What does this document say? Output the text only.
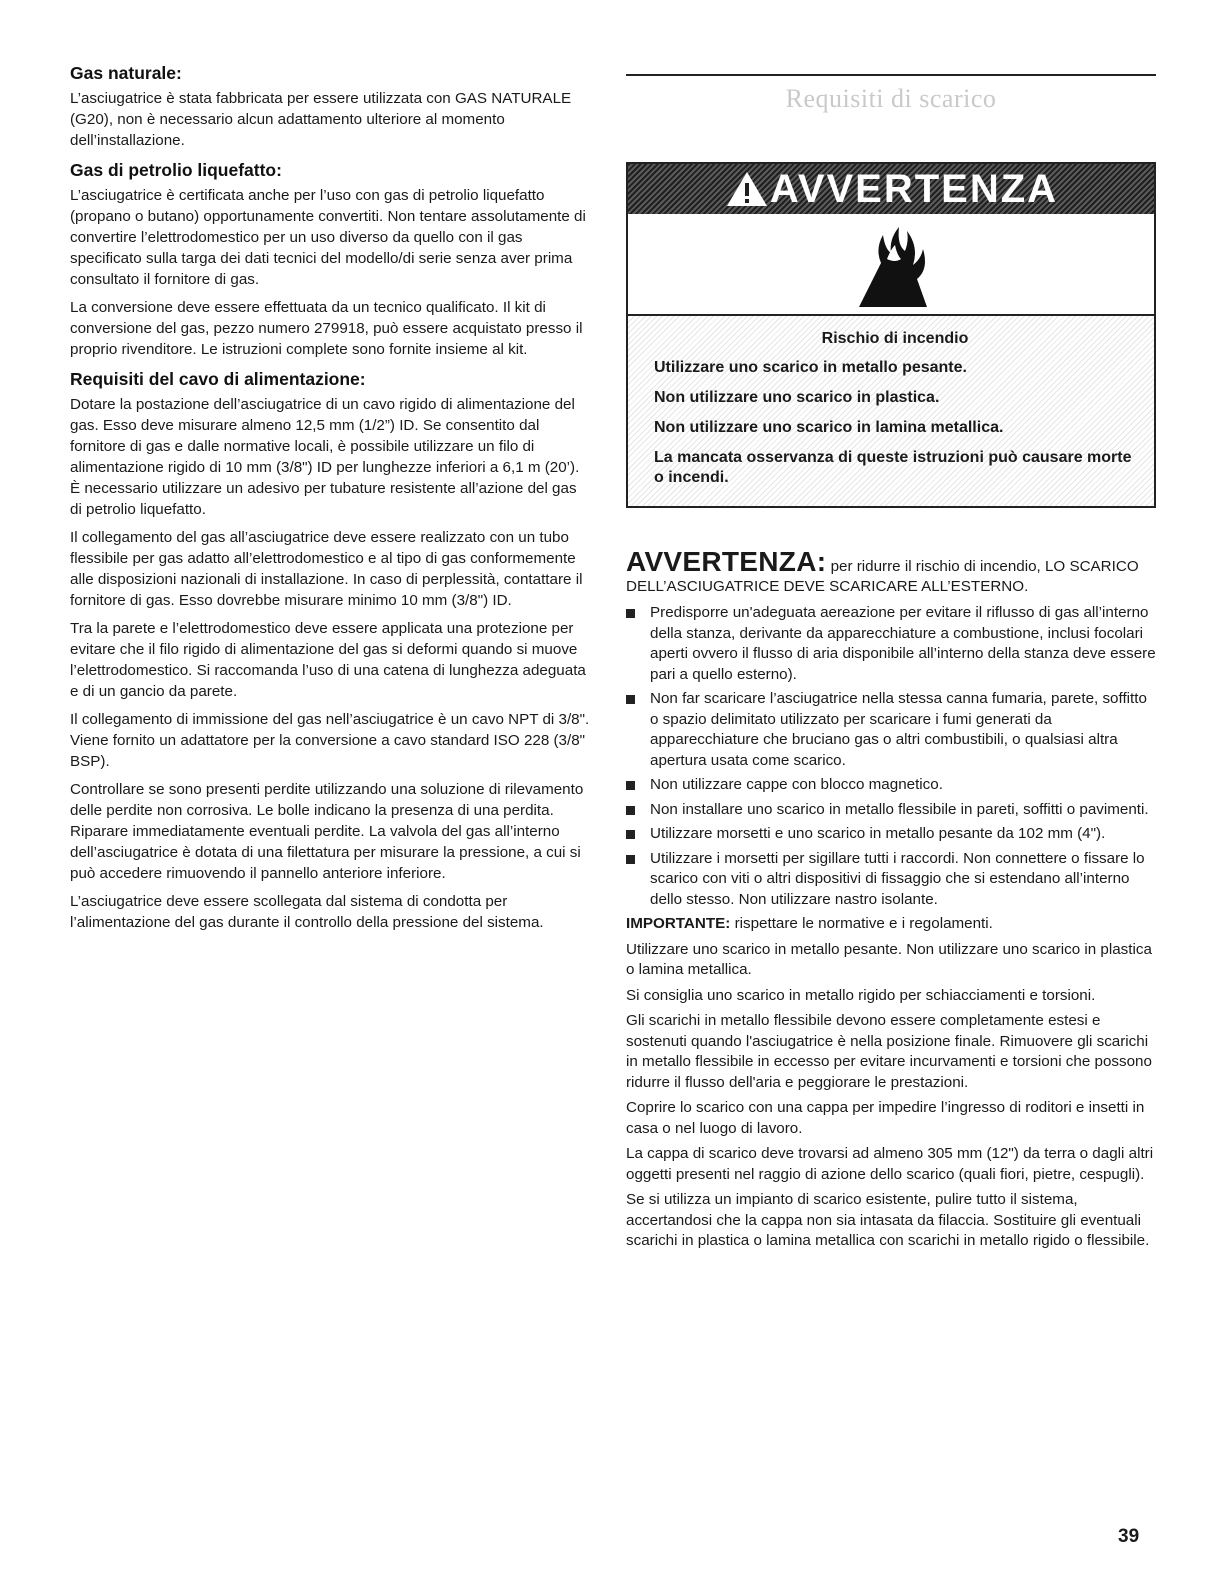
Gas naturale:

L’asciugatrice è stata fabbricata per essere utilizzata con GAS NATURALE (G20), non è necessario alcun adattamento ulteriore al momento dell’installazione.

Gas di petrolio liquefatto:

L’asciugatrice è certificata anche per l’uso con gas di petrolio liquefatto (propano o butano) opportunamente convertiti. Non tentare assolutamente di convertire l’elettrodomestico per un uso diverso da quello con il gas specificato sulla targa dei dati tecnici del modello/di serie senza aver prima consultato il fornitore di gas.

La conversione deve essere effettuata da un tecnico qualificato. Il kit di conversione del gas, pezzo numero 279918, può essere acquistato presso il proprio rivenditore. Le istruzioni complete sono fornite insieme al kit.

Requisiti del cavo di alimentazione:

Dotare la postazione dell’asciugatrice di un cavo rigido di alimentazione del gas. Esso deve misurare almeno 12,5 mm (1/2”) ID. Se consentito dal fornitore di gas e dalle normative locali, è possibile utilizzare un filo di alimentazione rigido di 10 mm (3/8") ID per lunghezze inferiori a 6,1 m (20’). È necessario utilizzare un adesivo per tubature resistente all’azione del gas di petrolio liquefatto.

Il collegamento del gas all’asciugatrice deve essere realizzato con un tubo flessibile per gas adatto all’elettrodomestico e al tipo di gas conformemente alle disposizioni nazionali di installazione. In caso di perplessità, contattare il fornitore di gas. Esso dovrebbe misurare minimo 10 mm (3/8") ID.

Tra la parete e l’elettrodomestico deve essere applicata una protezione per evitare che il filo rigido di alimentazione del gas si deformi quando si muove l’elettrodomestico. Si raccomanda l’uso di una catena di lunghezza adeguata e di un gancio da parete.

Il collegamento di immissione del gas nell’asciugatrice è un cavo NPT di 3/8". Viene fornito un adattatore per la conversione a cavo standard ISO 228 (3/8" BSP).

Controllare se sono presenti perdite utilizzando una soluzione di rilevamento delle perdite non corrosiva. Le bolle indicano la presenza di una perdita. Riparare immediatamente eventuali perdite. La valvola del gas all’interno dell’asciugatrice è dotata di una filettatura per misurare la pressione, a cui si può accedere rimuovendo il pannello anteriore inferiore.

L’asciugatrice deve essere scollegata dal sistema di condotta per l’alimentazione del gas durante il controllo della pressione del sistema.

Requisiti di scarico
AVVERTENZA
Rischio di incendio
Utilizzare uno scarico in metallo pesante.
Non utilizzare uno scarico in plastica.
Non utilizzare uno scarico in lamina metallica.
La mancata osservanza di queste istruzioni può causare morte o incendi.
AVVERTENZA: per ridurre il rischio di incendio, LO SCARICO DELL’ASCIUGATRICE DEVE SCARICARE ALL’ESTERNO.
Predisporre un'adeguata aereazione per evitare il riflusso di gas all’interno della stanza, derivante da apparecchiature a combustione, inclusi focolari aperti ovvero il flusso di aria disponibile all’interno della stanza deve essere pari a quello esterno).
Non far scaricare l’asciugatrice nella stessa canna fumaria, parete, soffitto o spazio delimitato utilizzato per scaricare i fumi generati da apparecchiature che bruciano gas o altri combustibili, o qualsiasi altra apertura usata come scarico.
Non utilizzare cappe con blocco magnetico.
Non installare uno scarico in metallo flessibile in pareti, soffitti o pavimenti.
Utilizzare morsetti e uno scarico in metallo pesante da 102 mm (4").
Utilizzare i morsetti per sigillare tutti i raccordi. Non connettere o fissare lo scarico con viti o altri dispositivi di fissaggio che si estendano all’interno dello stesso. Non utilizzare nastro isolante.

IMPORTANTE: rispettare le normative e i regolamenti.

Utilizzare uno scarico in metallo pesante. Non utilizzare uno scarico in plastica o lamina metallica.

Si consiglia uno scarico in metallo rigido per schiacciamenti e torsioni.

Gli scarichi in metallo flessibile devono essere completamente estesi e sostenuti quando l'asciugatrice è nella posizione finale. Rimuovere gli scarichi in metallo flessibile in eccesso per evitare incurvamenti e torsioni che possono ridurre il flusso dell'aria e peggiorare le prestazioni.

Coprire lo scarico con una cappa per impedire l’ingresso di roditori e insetti in casa o nel luogo di lavoro.

La cappa di scarico deve trovarsi ad almeno 305 mm (12") da terra o dagli altri oggetti presenti nel raggio di azione dello scarico (quali fiori, pietre, cespugli).

Se si utilizza un impianto di scarico esistente, pulire tutto il sistema, accertandosi che la cappa non sia intasata da filaccia. Sostituire gli eventuali scarichi in plastica o lamina metallica con scarichi in metallo rigido o flessibile.

39
